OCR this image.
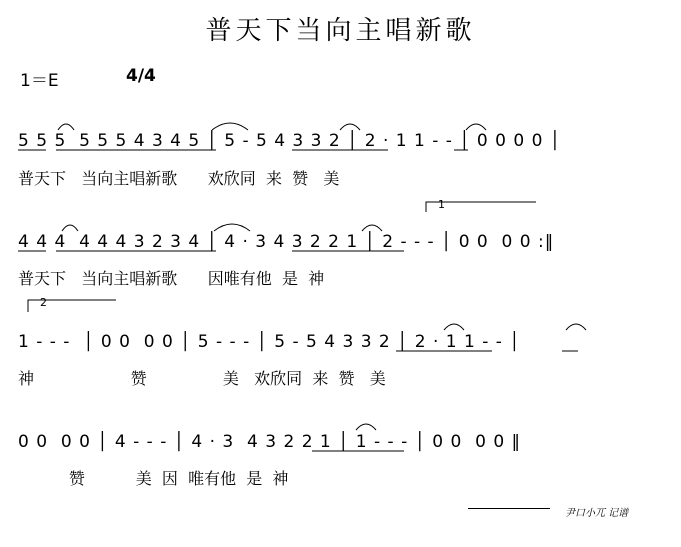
普天下当向主唱新歌
1＝E	4/4
5 5 5  5 5 5 4 3 4 5 │ 5 - 5 4 3 3 2 │ 2 · 1 1 - - │ 0 0 0 0 │
普天下   当向主唱新歌      欢欣同  来  赞   美
1
4 4 4  4 4 4 3 2 3 4 │ 4 · 3 4 3 2 2 1 │ 2 - - - │ 0 0  0 0 :‖
普天下   当向主唱新歌      因唯有他  是  神
2
1 - - -  │ 0 0  0 0 │ 5 - - - │ 5 - 5 4 3 3 2 │ 2 · 1 1 - - │
神                   赞               美   欢欣同  来  赞   美
0 0  0 0 │ 4 - - - │ 4 · 3  4 3 2 2 1 │ 1 - - - │ 0 0  0 0 ‖
赞          美  因  唯有他  是  神
尹口小兀 记谱
